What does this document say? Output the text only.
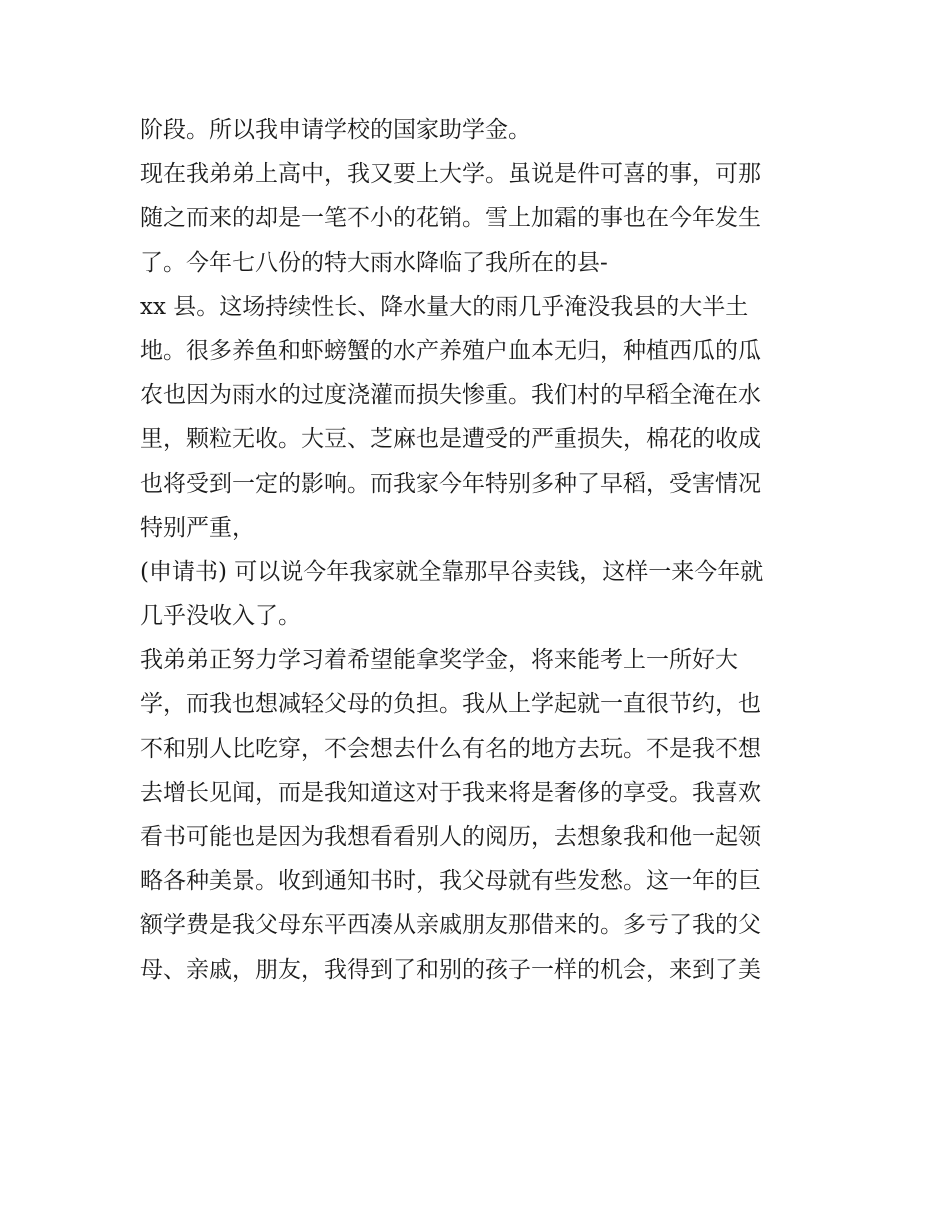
阶段。所以我申请学校的国家助学金。
现在我弟弟上高中，我又要上大学。虽说是件可喜的事，可那
随之而来的却是一笔不小的花销。雪上加霜的事也在今年发生
了。今年七八份的特大雨水降临了我所在的县-
xx 县。这场持续性长、降水量大的雨几乎淹没我县的大半土
地。很多养鱼和虾螃蟹的水产养殖户血本无归，种植西瓜的瓜
农也因为雨水的过度浇灌而损失惨重。我们村的早稻全淹在水
里，颗粒无收。大豆、芝麻也是遭受的严重损失，棉花的收成
也将受到一定的影响。而我家今年特别多种了早稻，受害情况
特别严重，
(申请书) 可以说今年我家就全靠那早谷卖钱，这样一来今年就
几乎没收入了。
我弟弟正努力学习着希望能拿奖学金，将来能考上一所好大
学，而我也想减轻父母的负担。我从上学起就一直很节约，也
不和别人比吃穿，不会想去什么有名的地方去玩。不是我不想
去增长见闻，而是我知道这对于我来将是奢侈的享受。我喜欢
看书可能也是因为我想看看别人的阅历，去想象我和他一起领
略各种美景。收到通知书时，我父母就有些发愁。这一年的巨
额学费是我父母东平西凑从亲戚朋友那借来的。多亏了我的父
母、亲戚，朋友，我得到了和别的孩子一样的机会，来到了美
